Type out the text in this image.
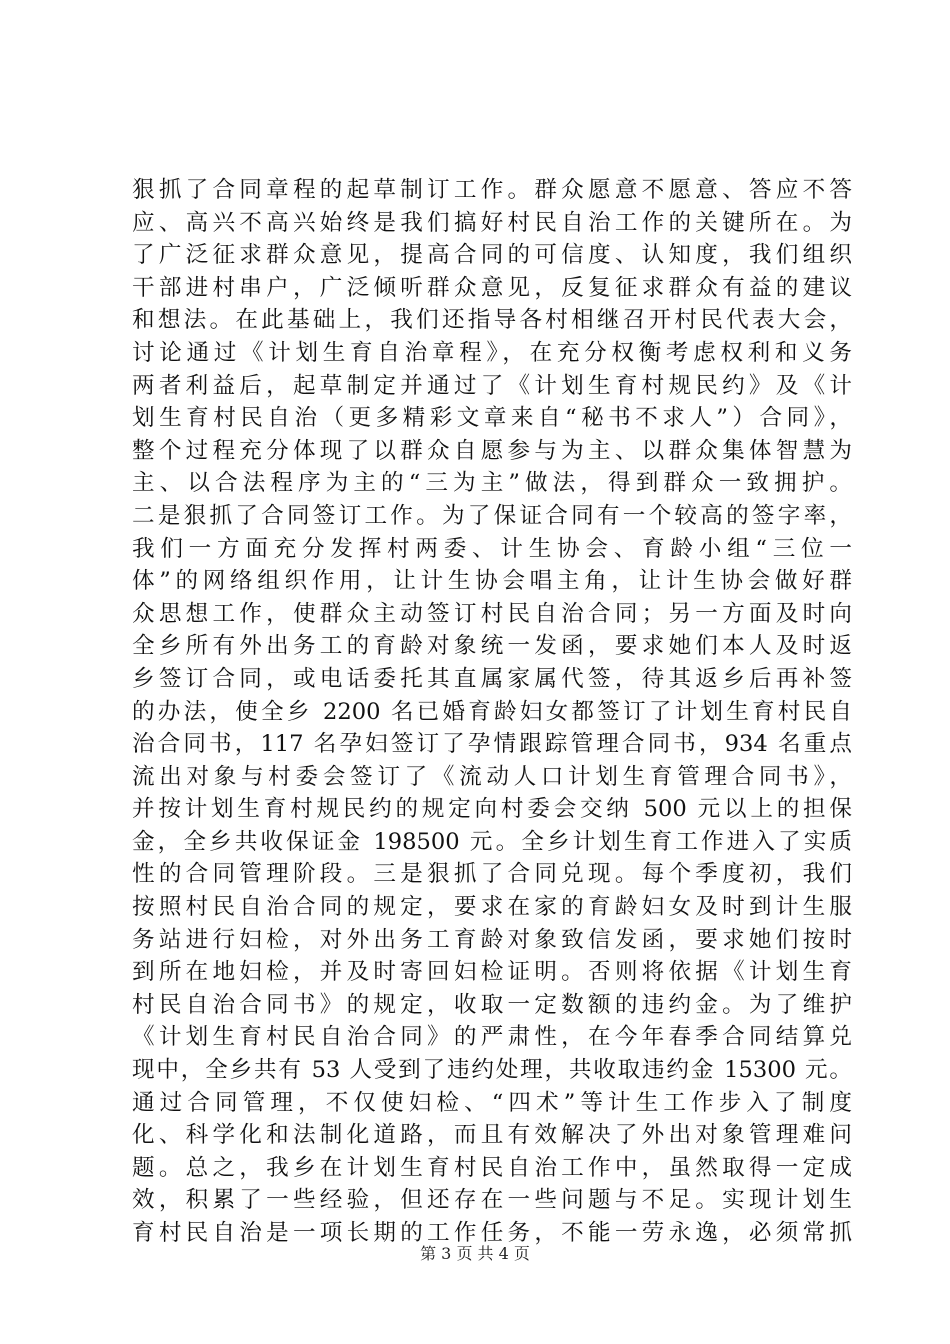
狠抓了合同章程的起草制订工作。群众愿意不愿意、答应不答
应、高兴不高兴始终是我们搞好村民自治工作的关键所在。为
了广泛征求群众意见，提高合同的可信度、认知度，我们组织
干部进村串户，广泛倾听群众意见，反复征求群众有益的建议
和想法。在此基础上，我们还指导各村相继召开村民代表大会，
讨论通过《计划生育自治章程》，在充分权衡考虑权利和义务
两者利益后，起草制定并通过了《计划生育村规民约》及《计
划生育村民自治（更多精彩文章来自“秘书不求人”）合同》，
整个过程充分体现了以群众自愿参与为主、以群众集体智慧为
主、以合法程序为主的“三为主”做法，得到群众一致拥护。
二是狠抓了合同签订工作。为了保证合同有一个较高的签字率，
我们一方面充分发挥村两委、计生协会、育龄小组“三位一
体”的网络组织作用，让计生协会唱主角，让计生协会做好群
众思想工作，使群众主动签订村民自治合同；另一方面及时向
全乡所有外出务工的育龄对象统一发函，要求她们本人及时返
乡签订合同，或电话委托其直属家属代签，待其返乡后再补签
的办法，使全乡 2200 名已婚育龄妇女都签订了计划生育村民自
治合同书，117 名孕妇签订了孕情跟踪管理合同书，934 名重点
流出对象与村委会签订了《流动人口计划生育管理合同书》，
并按计划生育村规民约的规定向村委会交纳 500 元以上的担保
金，全乡共收保证金 198500 元。全乡计划生育工作进入了实质
性的合同管理阶段。三是狠抓了合同兑现。每个季度初，我们
按照村民自治合同的规定，要求在家的育龄妇女及时到计生服
务站进行妇检，对外出务工育龄对象致信发函，要求她们按时
到所在地妇检，并及时寄回妇检证明。否则将依据《计划生育
村民自治合同书》的规定，收取一定数额的违约金。为了维护
《计划生育村民自治合同》的严肃性，在今年春季合同结算兑
现中，全乡共有 53 人受到了违约处理，共收取违约金 15300 元。
通过合同管理，不仅使妇检、“四术”等计生工作步入了制度
化、科学化和法制化道路，而且有效解决了外出对象管理难问
题。总之，我乡在计划生育村民自治工作中，虽然取得一定成
效，积累了一些经验，但还存在一些问题与不足。实现计划生
育村民自治是一项长期的工作任务，不能一劳永逸，必须常抓
第 3 页 共 4 页
